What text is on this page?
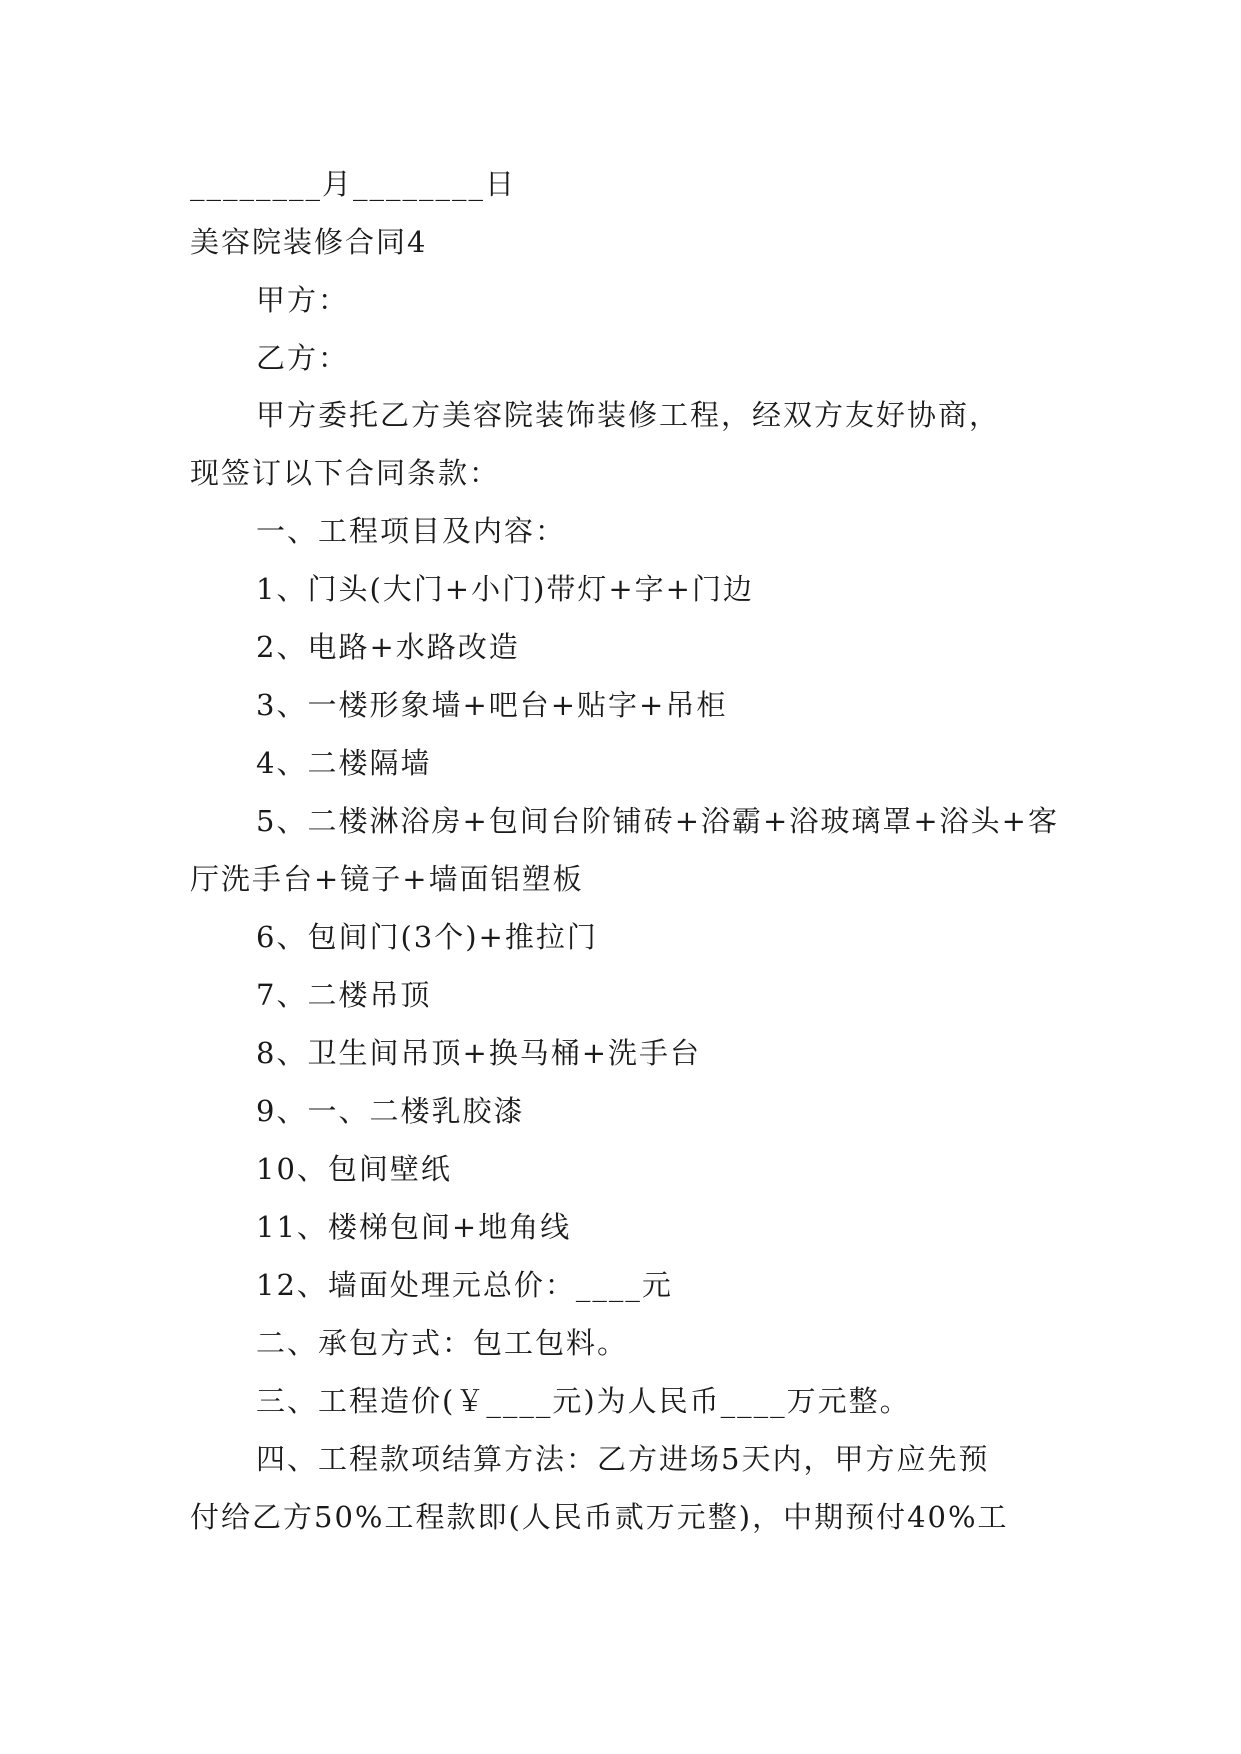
________月________日
美容院装修合同4
甲方：
乙方：
甲方委托乙方美容院装饰装修工程，经双方友好协商，
现签订以下合同条款：
一、工程项目及内容：
1、门头(大门+小门)带灯+字+门边
2、电路+水路改造
3、一楼形象墙+吧台+贴字+吊柜
4、二楼隔墙
5、二楼淋浴房+包间台阶铺砖+浴霸+浴玻璃罩+浴头+客
厅洗手台+镜子+墙面铝塑板
6、包间门(3个)+推拉门
7、二楼吊顶
8、卫生间吊顶+换马桶+洗手台
9、一、二楼乳胶漆
10、包间壁纸
11、楼梯包间+地角线
12、墙面处理元总价：____元
二、承包方式：包工包料。
三、工程造价(￥____元)为人民币____万元整。
四、工程款项结算方法：乙方进场5天内，甲方应先预
付给乙方50%工程款即(人民币贰万元整)，中期预付40%工
